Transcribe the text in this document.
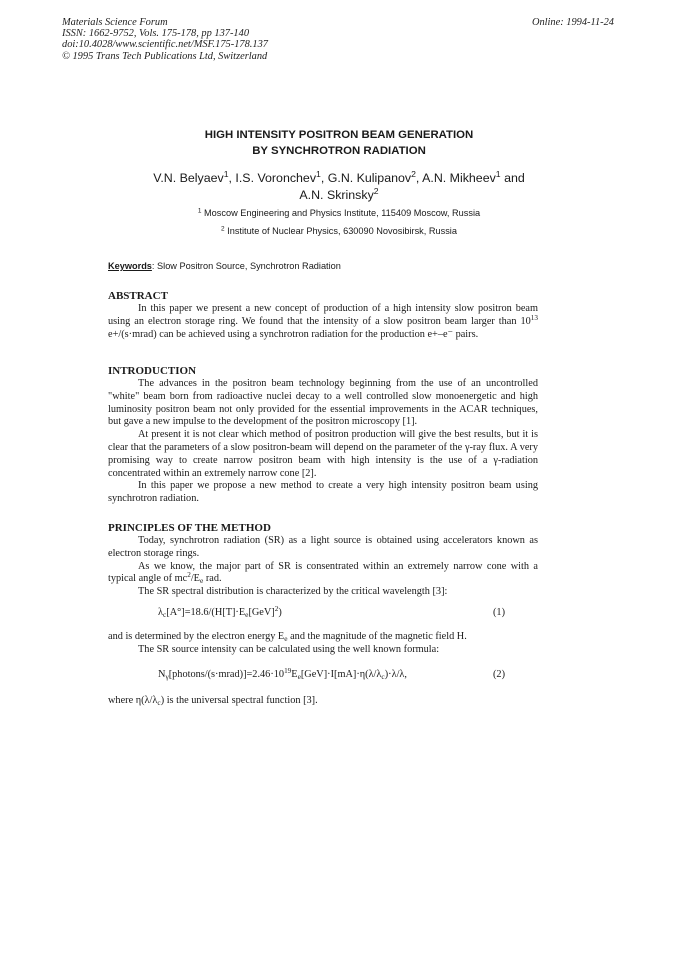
Materials Science Forum
ISSN: 1662-9752, Vols. 175-178, pp 137-140
doi:10.4028/www.scientific.net/MSF.175-178.137
© 1995 Trans Tech Publications Ltd, Switzerland
Online: 1994-11-24
HIGH INTENSITY POSITRON BEAM GENERATION
BY SYNCHROTRON RADIATION
V.N. Belyaev$^1$, I.S. Voronchev$^1$, G.N. Kulipanov$^2$, A.N. Mikheev$^1$ and
A.N. Skrinsky$^2$
$^1$ Moscow Engineering and Physics Institute, 115409 Moscow, Russia
$^2$ Institute of Nuclear Physics, 630090 Novosibirsk, Russia
Keywords: Slow Positron Source, Synchrotron Radiation
ABSTRACT

In this paper we present a new concept of production of a high intensity slow positron beam using an electron storage ring. We found that the intensity of a slow positron beam larger than $10^{13}$ e+/(s·mrad) can be achieved using a synchrotron radiation for the production e+–e⁻ pairs.

INTRODUCTION

The advances in the positron beam technology beginning from the use of an uncontrolled "white" beam born from radioactive nuclei decay to a well controlled slow monoenergetic and high luminosity positron beam not only provided for the essential improvements in the ACAR techniques, but gave a new impulse to the development of the positron microscopy [1].

At present it is not clear which method of positron production will give the best results, but it is clear that the parameters of a slow positron-beam will depend on the parameter of the γ-ray flux. A very promising way to create narrow positron beam with high intensity is the use of a γ-radiation concentrated within an extremely narrow cone [2].

In this paper we propose a new method to create a very high intensity positron beam using synchrotron radiation.

PRINCIPLES OF THE METHOD

Today, synchrotron radiation (SR) as a light source is obtained using accelerators known as electron storage rings.

As we know, the major part of SR is consentrated within an extremely narrow cone with a typical angle of $mc^2/E_e$ rad.

The SR spectral distribution is characterized by the critical wavelength [3]:

$\lambda_c[A^\circ]=18.6/(H[T]\cdot E_e[GeV]^2)$	(1)

and is determined by the electron energy $E_e$ and the magnitude of the magnetic field H.

The SR source intensity can be calculated using the well known formula:

$N_\gamma[photons/(s\cdot mrad)]=2.46\cdot 10^{19}E_e[GeV]\cdot I[mA]\cdot\eta(\lambda/\lambda_c)\cdot\lambda/\lambda$,	(2)

where $\eta(\lambda/\lambda_c)$ is the universal spectral function [3].
